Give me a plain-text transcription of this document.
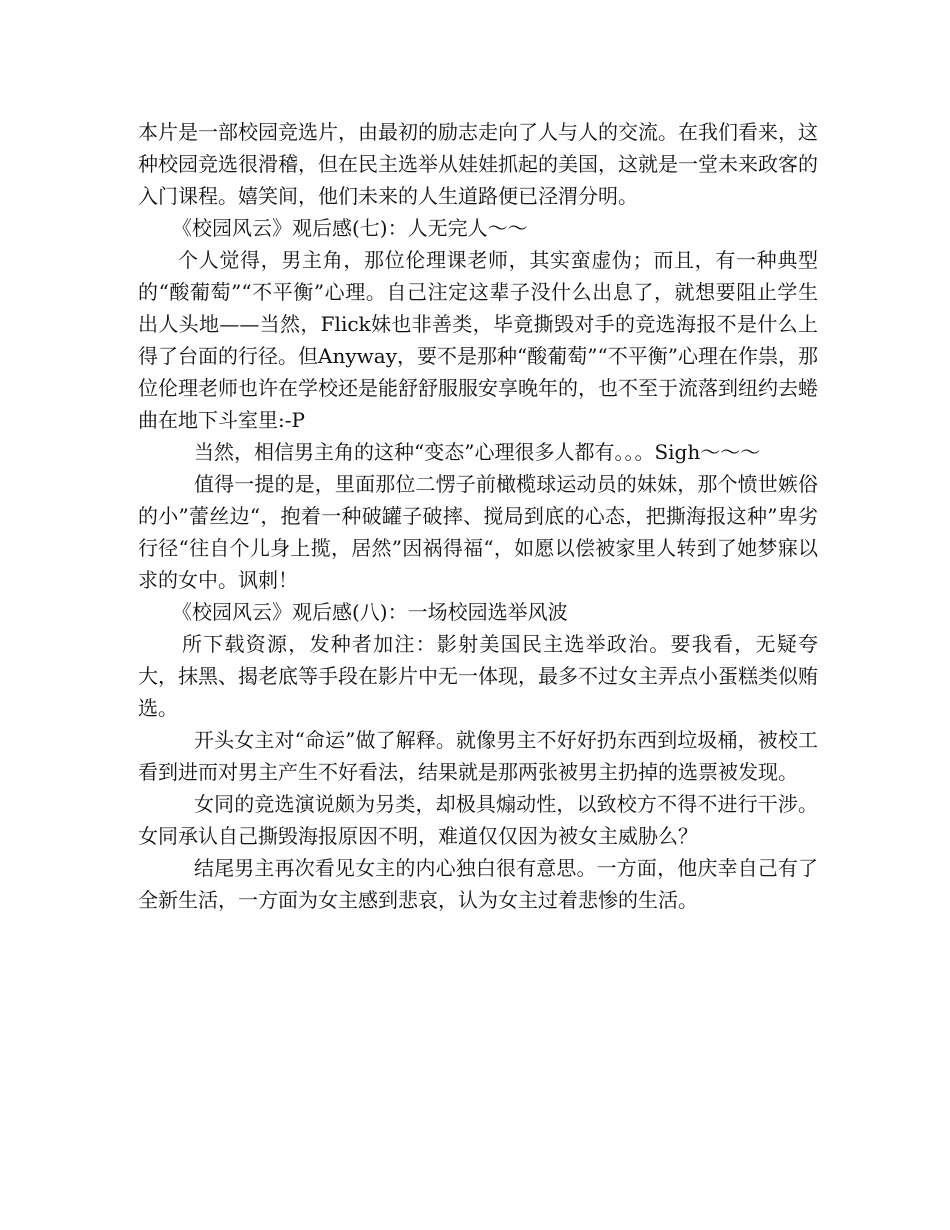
本片是一部校园竞选片，由最初的励志走向了人与人的交流。在我们看来，这种校园竞选很滑稽，但在民主选举从娃娃抓起的美国，这就是一堂未来政客的入门课程。嬉笑间，他们未来的人生道路便已泾渭分明。

《校园风云》观后感(七)：人无完人～～

个人觉得，男主角，那位伦理课老师，其实蛮虚伪；而且，有一种典型的“酸葡萄”“不平衡”心理。自己注定这辈子没什么出息了，就想要阻止学生出人头地——当然，Flick妹也非善类，毕竟撕毁对手的竞选海报不是什么上得了台面的行径。但Anyway，要不是那种“酸葡萄”“不平衡”心理在作祟，那位伦理老师也许在学校还是能舒舒服服安享晚年的，也不至于流落到纽约去蜷曲在地下斗室里:-P

当然，相信男主角的这种“变态”心理很多人都有。。。Sigh～～～

值得一提的是，里面那位二愣子前橄榄球运动员的妹妹，那个愤世嫉俗的小”蕾丝边“，抱着一种破罐子破摔、搅局到底的心态，把撕海报这种”卑劣行径“往自个儿身上揽，居然”因祸得福“，如愿以偿被家里人转到了她梦寐以求的女中。讽刺！

《校园风云》观后感(八)：一场校园选举风波

所下载资源，发种者加注：影射美国民主选举政治。要我看，无疑夸大，抹黑、揭老底等手段在影片中无一体现，最多不过女主弄点小蛋糕类似贿选。

开头女主对“命运”做了解释。就像男主不好好扔东西到垃圾桶，被校工看到进而对男主产生不好看法，结果就是那两张被男主扔掉的选票被发现。

女同的竞选演说颇为另类，却极具煽动性，以致校方不得不进行干涉。女同承认自己撕毁海报原因不明，难道仅仅因为被女主威胁么？

结尾男主再次看见女主的内心独白很有意思。一方面，他庆幸自己有了全新生活，一方面为女主感到悲哀，认为女主过着悲惨的生活。
